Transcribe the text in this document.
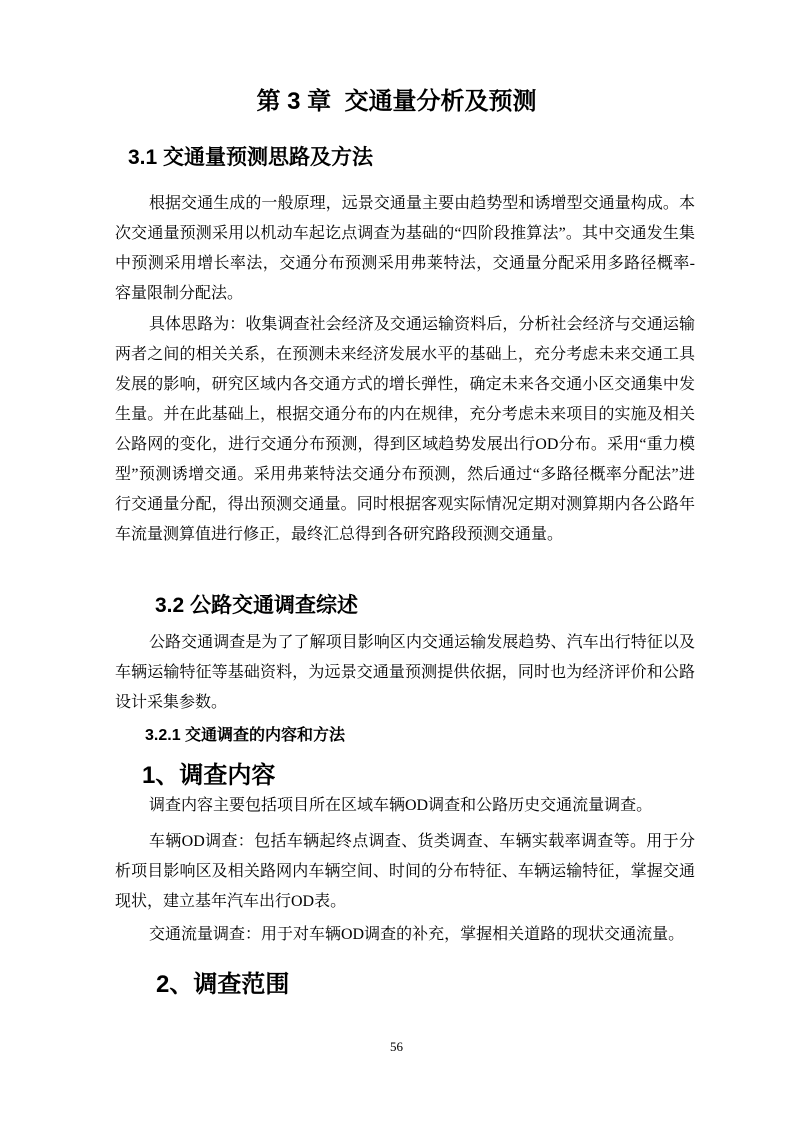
第 3 章  交通量分析及预测
3.1 交通量预测思路及方法

根据交通生成的一般原理，远景交通量主要由趋势型和诱增型交通量构成。本次交通量预测采用以机动车起讫点调查为基础的“四阶段推算法”。其中交通发生集中预测采用增长率法，交通分布预测采用弗莱特法，交通量分配采用多路径概率-容量限制分配法。

具体思路为：收集调查社会经济及交通运输资料后，分析社会经济与交通运输两者之间的相关关系，在预测未来经济发展水平的基础上，充分考虑未来交通工具发展的影响，研究区域内各交通方式的增长弹性，确定未来各交通小区交通集中发生量。并在此基础上，根据交通分布的内在规律，充分考虑未来项目的实施及相关公路网的变化，进行交通分布预测，得到区域趋势发展出行OD分布。采用“重力模型”预测诱增交通。采用弗莱特法交通分布预测，然后通过“多路径概率分配法”进行交通量分配，得出预测交通量。同时根据客观实际情况定期对测算期内各公路年车流量测算值进行修正，最终汇总得到各研究路段预测交通量。

3.2 公路交通调查综述

公路交通调查是为了了解项目影响区内交通运输发展趋势、汽车出行特征以及车辆运输特征等基础资料，为远景交通量预测提供依据，同时也为经济评价和公路设计采集参数。

3.2.1 交通调查的内容和方法
1、调查内容

调查内容主要包括项目所在区域车辆OD调查和公路历史交通流量调查。

车辆OD调查：包括车辆起终点调查、货类调查、车辆实载率调查等。用于分析项目影响区及相关路网内车辆空间、时间的分布特征、车辆运输特征，掌握交通现状，建立基年汽车出行OD表。

交通流量调查：用于对车辆OD调查的补充，掌握相关道路的现状交通流量。

2、调查范围
56
